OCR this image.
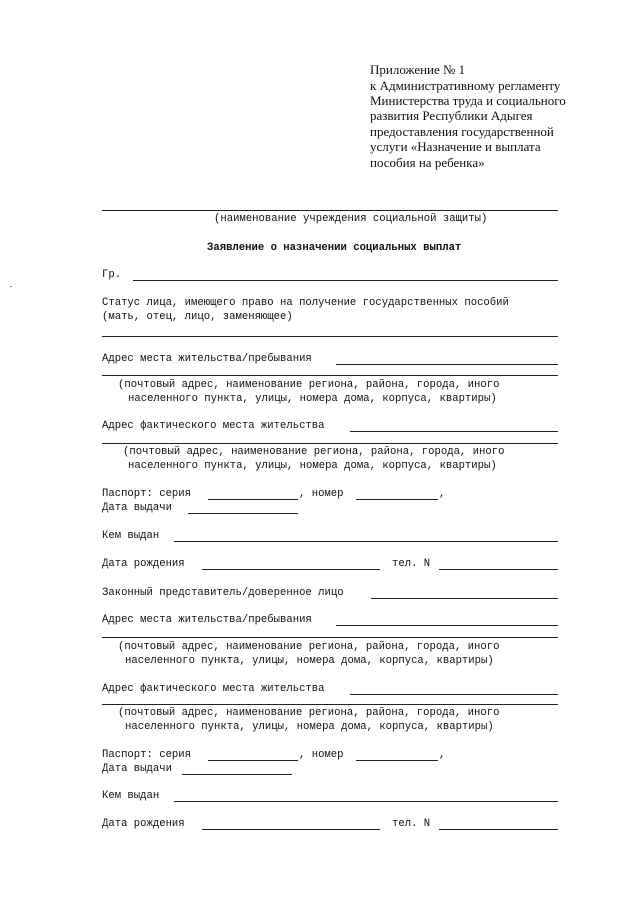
Приложение № 1
к Административному регламенту
Министерства труда и социального
развития Республики Адыгея
предоставления государственной
услуги «Назначение и выплата
пособия на ребенка»
(наименование учреждения социальной защиты)
Заявление о назначении социальных выплат
Гр.
Статус лица, имеющего право на получение государственных пособий
(мать, отец, лицо, заменяющее)
Адрес места жительства/пребывания
(почтовый адрес, наименование региона, района, города, иного
населенного пункта, улицы, номера дома, корпуса, квартиры)
Адрес фактического места жительства
(почтовый адрес, наименование региона, района, города, иного
населенного пункта, улицы, номера дома, корпуса, квартиры)
Паспорт: серия	, номер	,
Дата выдачи
Кем выдан
Дата рождения	тел. N
Законный представитель/доверенное лицо
Адрес места жительства/пребывания
(почтовый адрес, наименование региона, района, города, иного
населенного пункта, улицы, номера дома, корпуса, квартиры)
Адрес фактического места жительства
(почтовый адрес, наименование региона, района, города, иного
населенного пункта, улицы, номера дома, корпуса, квартиры)
Паспорт: серия	, номер	,
Дата выдачи
Кем выдан
Дата рождения	тел. N
